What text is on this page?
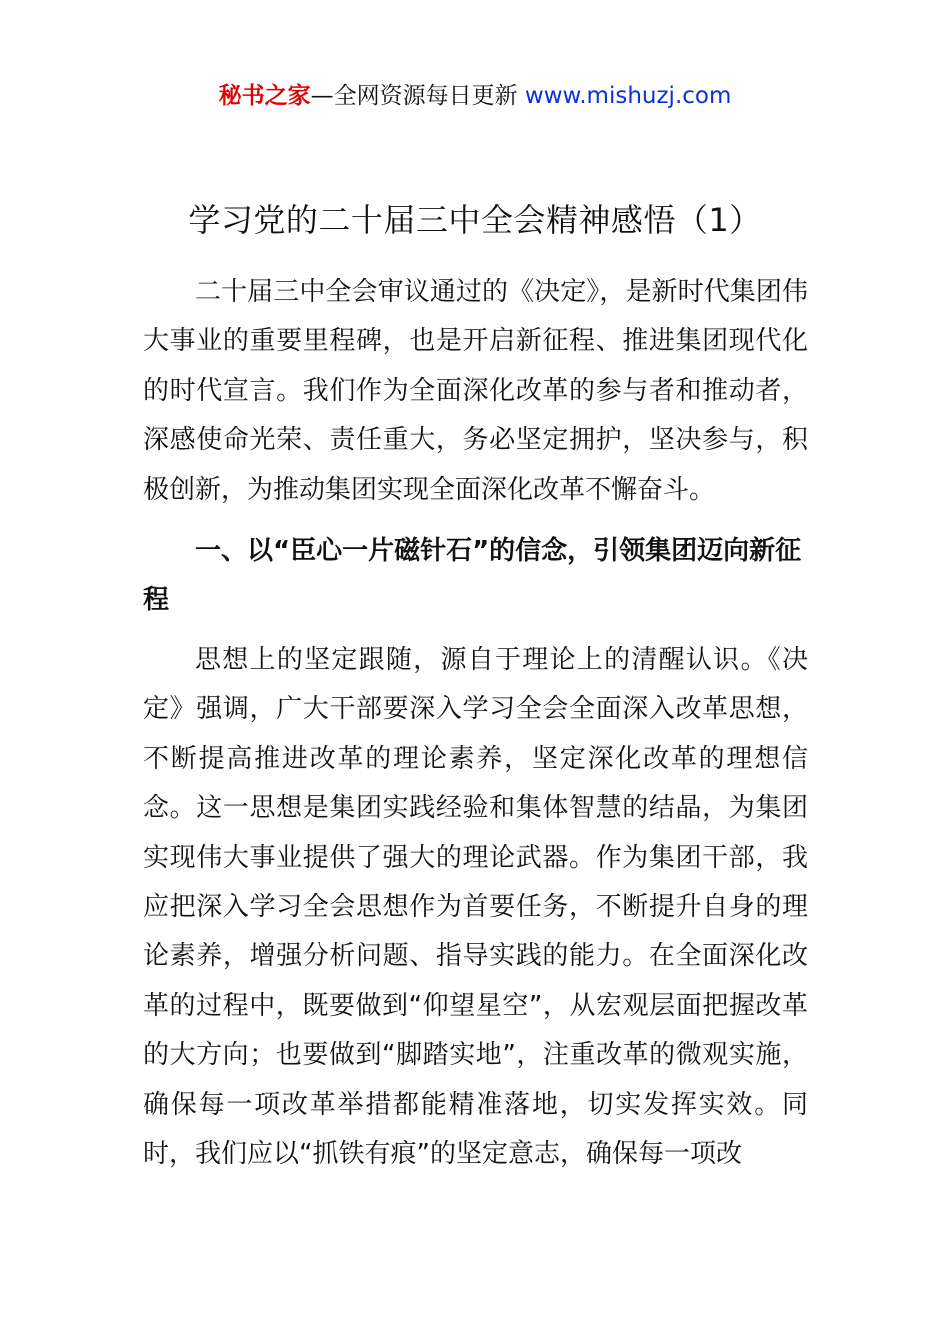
秘书之家—全网资源每日更新 www.mishuzj.com
学习党的二十届三中全会精神感悟（1）

二十届三中全会审议通过的《决定》，是新时代集团伟大事业的重要里程碑，也是开启新征程、推进集团现代化的时代宣言。我们作为全面深化改革的参与者和推动者，深感使命光荣、责任重大，务必坚定拥护，坚决参与，积极创新，为推动集团实现全面深化改革不懈奋斗。

一、以“臣心一片磁针石”的信念，引领集团迈向新征程

思想上的坚定跟随，源自于理论上的清醒认识。《决定》强调，广大干部要深入学习全会全面深入改革思想，不断提高推进改革的理论素养，坚定深化改革的理想信念。这一思想是集团实践经验和集体智慧的结晶，为集团实现伟大事业提供了强大的理论武器。作为集团干部，我应把深入学习全会思想作为首要任务，不断提升自身的理论素养，增强分析问题、指导实践的能力。在全面深化改革的过程中，既要做到“仰望星空”，从宏观层面把握改革的大方向；也要做到“脚踏实地”，注重改革的微观实施，确保每一项改革举措都能精准落地，切实发挥实效。同时，我们应以“抓铁有痕”的坚定意志，确保每一项改
